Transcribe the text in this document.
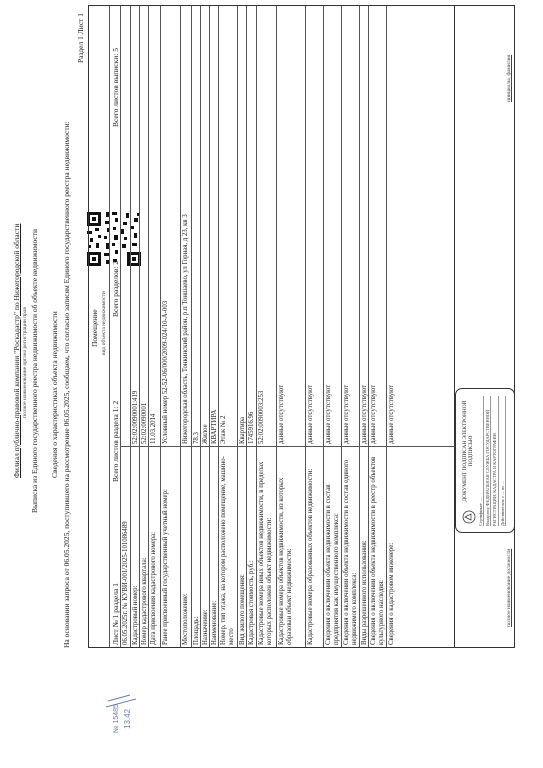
Филиал публично-правовой компании "Роскадастр" по Нижегородской области полное наименование органа регистрации прав Выписка из Единого государственного реестра недвижимости об объекте недвижимости Сведения о характеристиках объекта недвижимости На основании запроса от 06.05.2025, поступившего на рассмотрение 06.05.2025, сообщаем, что согласно записям Единого государственного реестра недвижимости:
Раздел 1 Лист 1
Помещение вид объекта недвижимости
Лист № 1 раздела 1
Всего листов раздела 1: 2
Всего разделов: 2
Всего листов выписки: 5
06.05.2025г. № КУВИ-001/2025-101086489 Кадастровый номер:
52:02:0090001:419
Номер кадастрового квартала:
52:02:0090001
Дата присвоения кадастрового номера:
11.03.2014
Ранее присвоенный государственный учетный номер:
Условный номер 52-52-06/000/2009-024/10-А-003
Местоположение:
Нижегородская область, Тонкинский район, р.п Тоншаево, ул Горная, д 23, кв 3
Площадь:
78.3
Назначение:
Жилое
Наименование:
КВАРТИРА
Номер, тип этажа, на котором расположено помещение, машино-место
Этаж № 2
Вид жилого помещения:
Квартира
Кадастровая стоимость, руб.:
1745916.96
Кадастровые номера иных объектов недвижимости, в пределах которых расположен объект недвижимости:
52:02:0090003:253
Кадастровые номера объектов недвижимости, из которых образован объект недвижимости:
данные отсутствуют
Кадастровые номера образованных объектов недвижимости:
данные отсутствуют
Сведения о включении объекта недвижимости в состав предприятия как имущественного комплекса:
данные отсутствуют
Сведения о включении объекта недвижимости в состав единого недвижимого комплекса:
данные отсутствуют
Виды разрешенного использования:
данные отсутствуют
Сведения о включении объекта недвижимости в реестр объектов культурного наследия:
данные отсутствуют
Сведения о кадастровом инженере:
данные отсутствуют
полное наименование должности
инициалы, фамилия
ДОКУМЕНТ ПОДПИСАН ЭЛЕКТРОННОЙ ПОДПИСЬЮ
Сертификат: ... Владелец: ФЕДЕРАЛЬНАЯ СЛУЖБА ГОСУДАРСТВЕННОЙ РЕГИСТРАЦИИ, КАДАСТРА И КАРТОГРАФИИ Действителен: с ... по ...
№ 15485 13.42
